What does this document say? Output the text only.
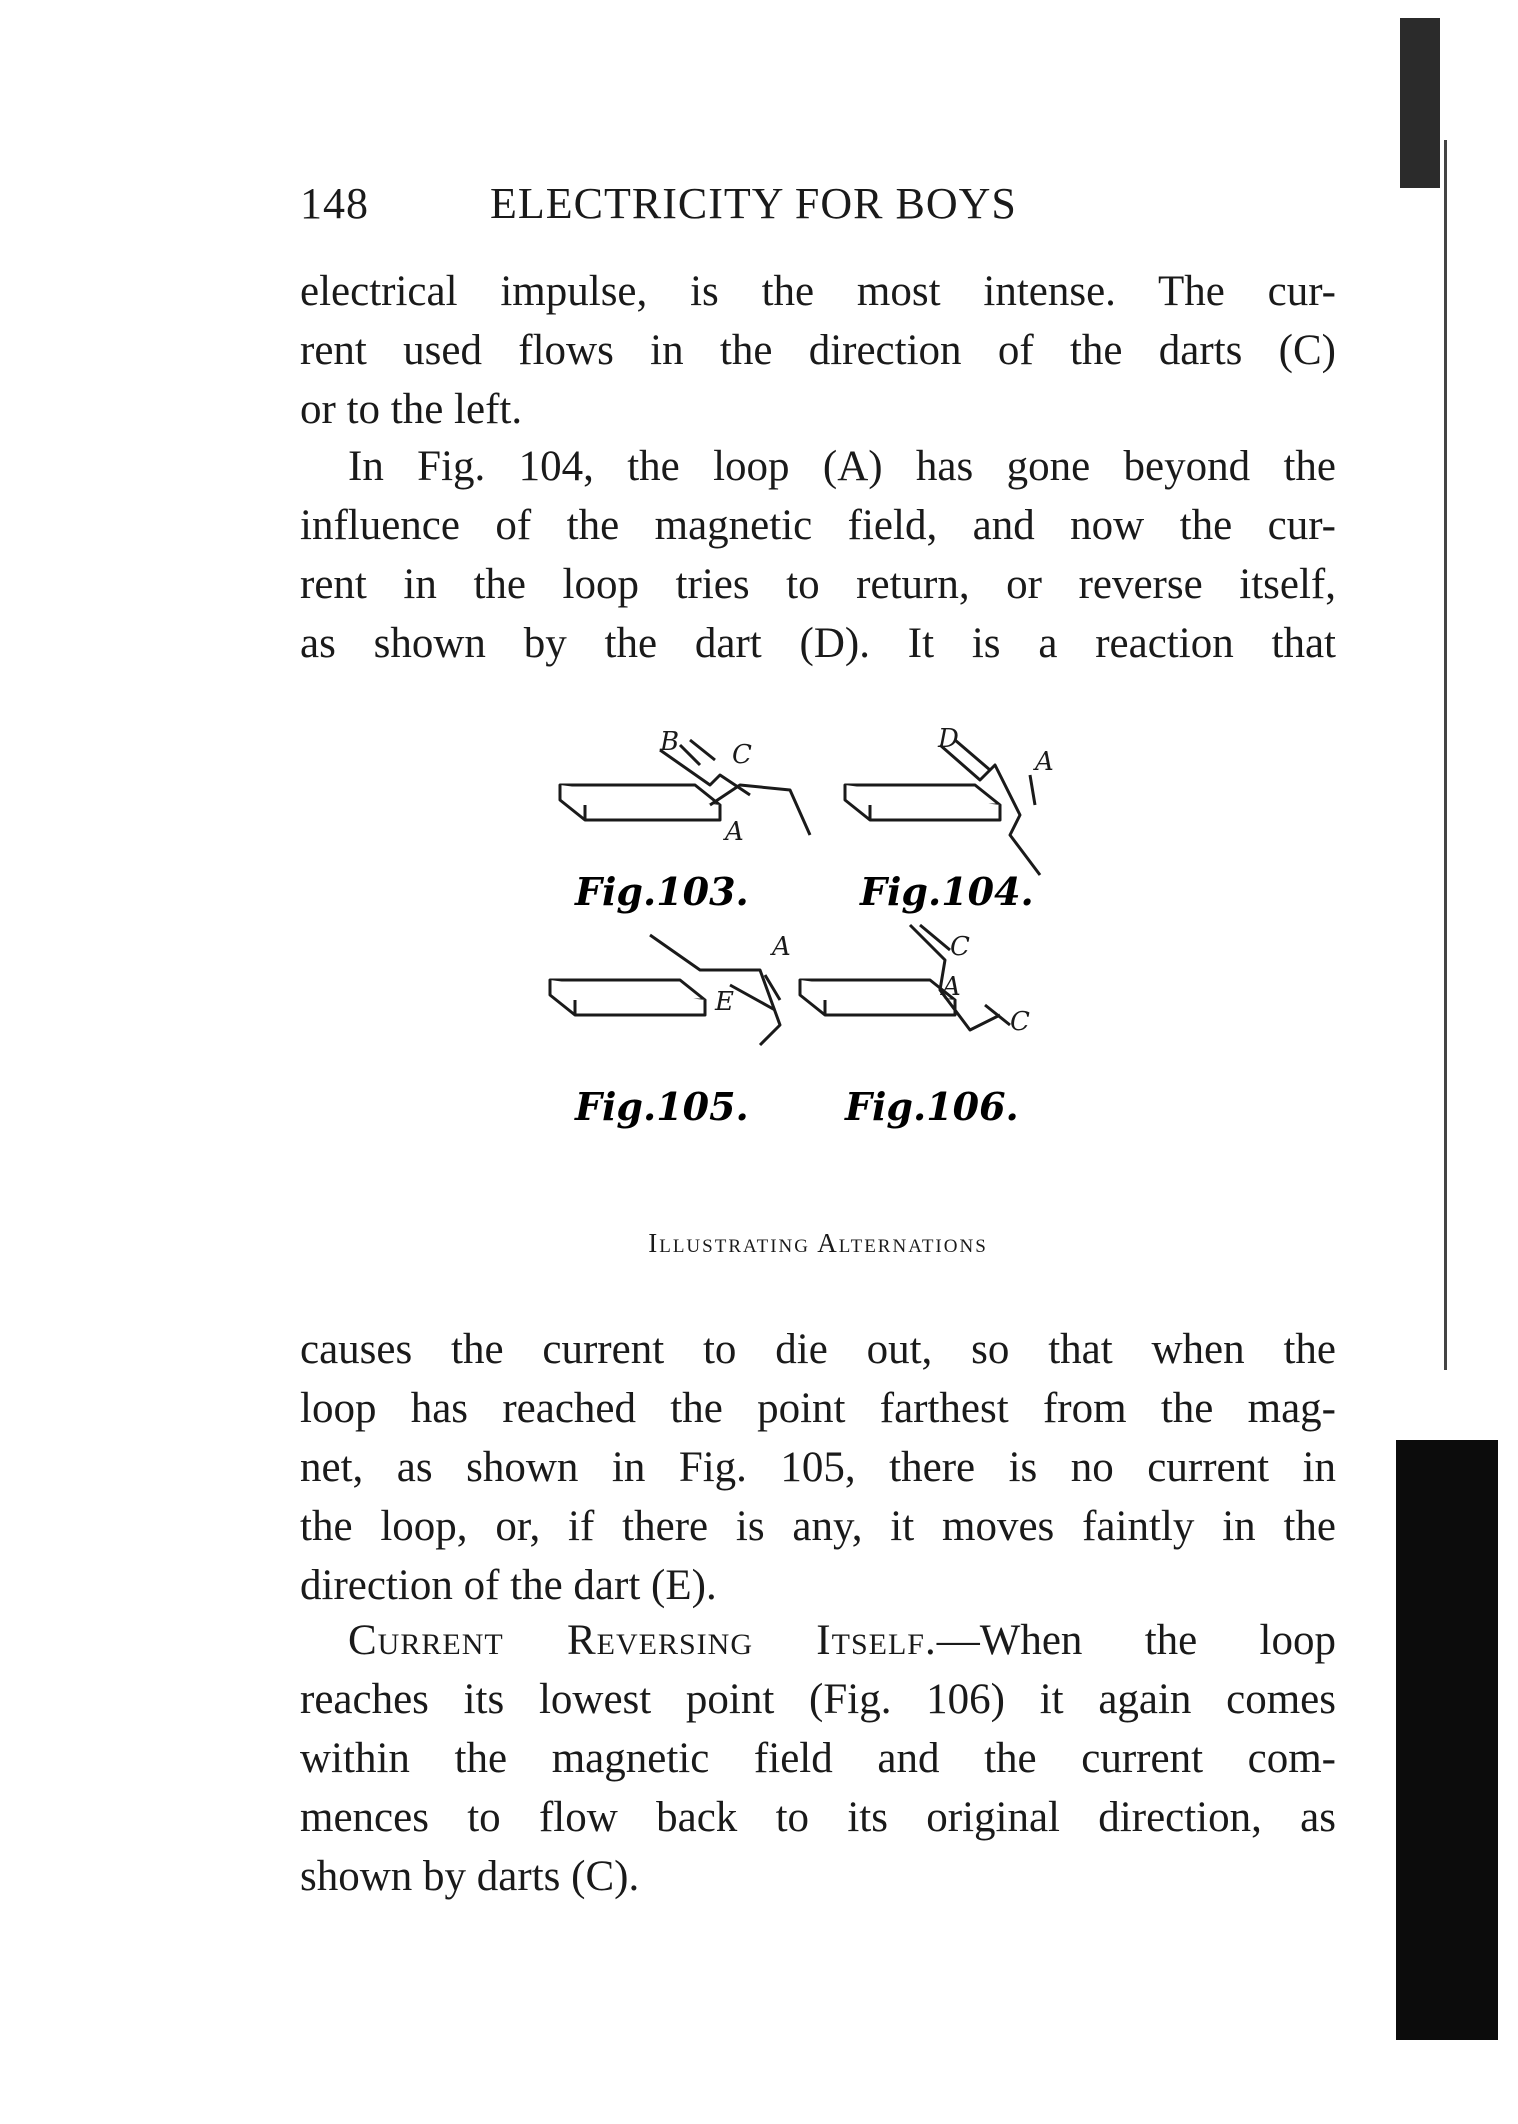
148	ELECTRICITY FOR BOYS
electrical impulse, is the most intense. The cur-
rent used flows in the direction of the darts (C)
or to the left.
In Fig. 104, the loop (A) has gone beyond the
influence of the magnetic field, and now the cur-
rent in the loop tries to return, or reverse itself,
as shown by the dart (D). It is a reaction that
B C
A
D
A
A
E
C
A
C
Fig.103.	Fig.104.
Fig.105.	Fig.106.
Illustrating Alternations
causes the current to die out, so that when the
loop has reached the point farthest from the mag-
net, as shown in Fig. 105, there is no current in
the loop, or, if there is any, it moves faintly in the
direction of the dart (E).
Current Reversing Itself.—When the loop
reaches its lowest point (Fig. 106) it again comes
within the magnetic field and the current com-
mences to flow back to its original direction, as
shown by darts (C).
